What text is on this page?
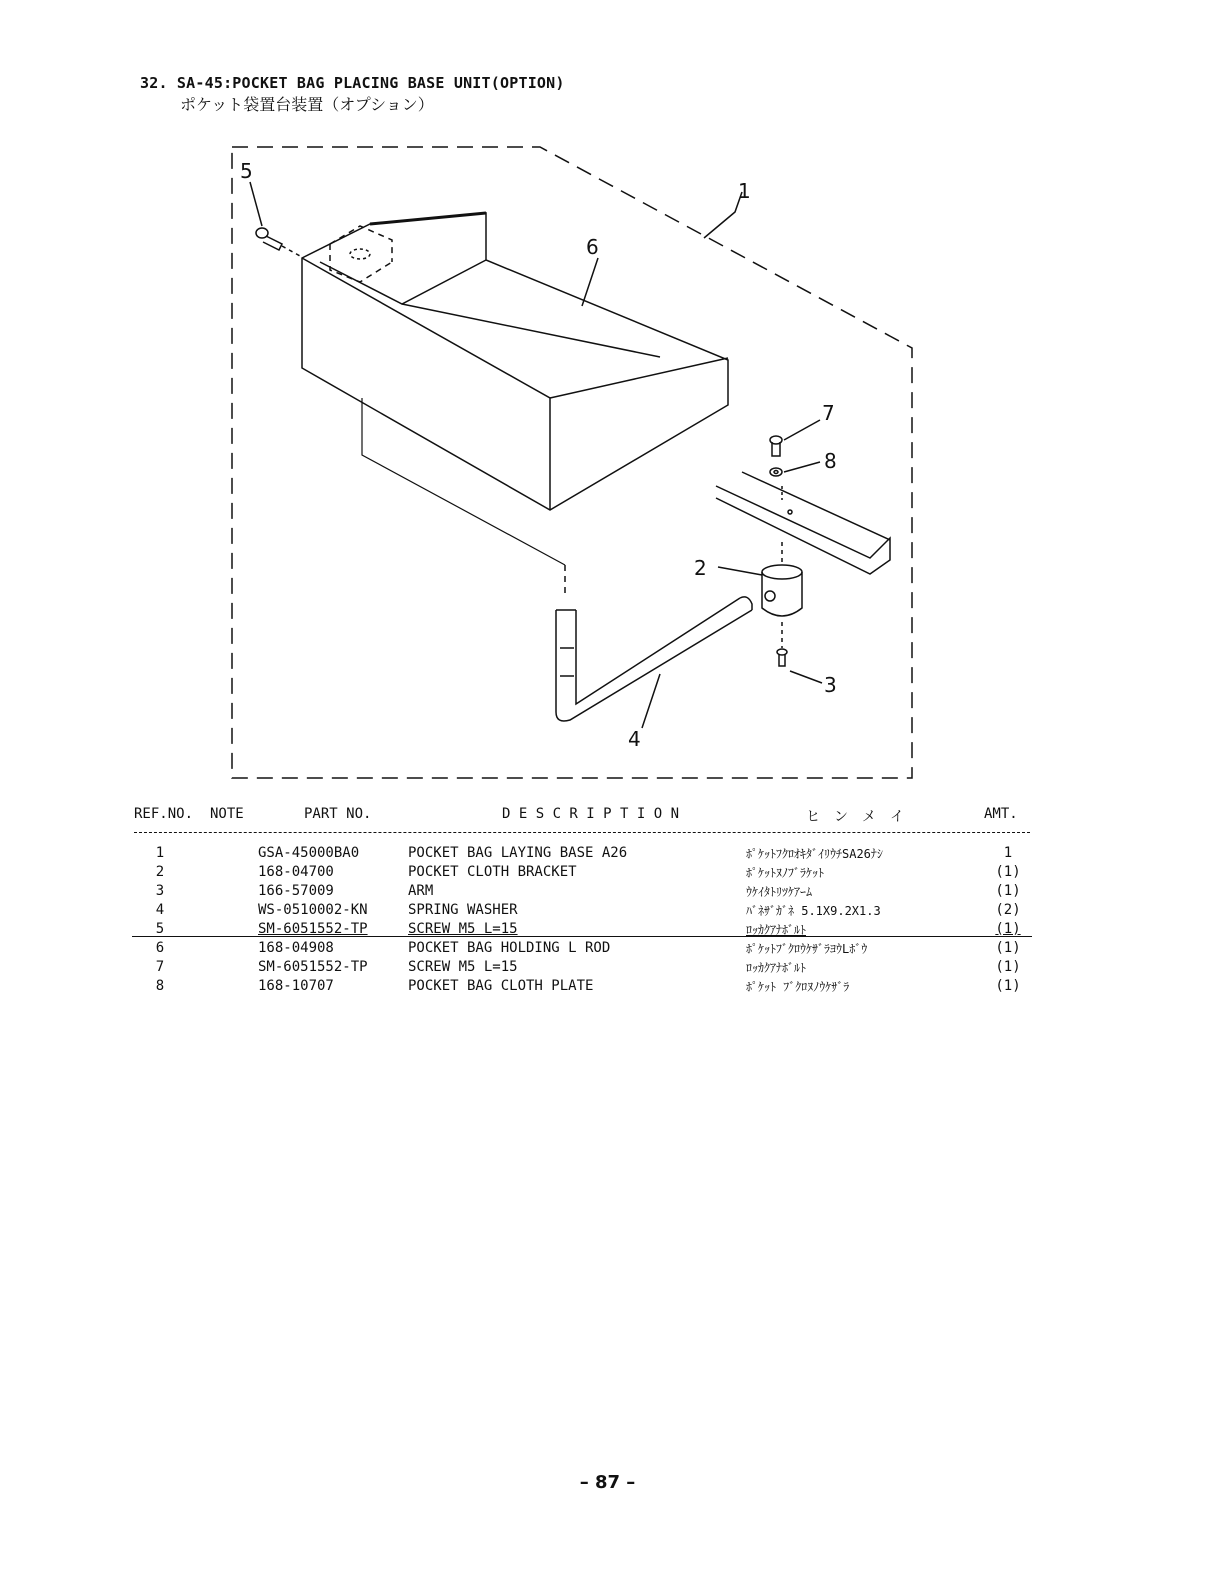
32. SA-45:POCKET BAG PLACING BASE UNIT(OPTION)
ポケット袋置台装置（オプション）
5
1
6
7
8
2
3
4
REF.NO. NOTE	PART NO.	D E S C R I P T I O N	ヒ　ン　メ　イ	AMT.
1	GSA-45000BA0	POCKET BAG LAYING BASE A26	ﾎﾟｹｯﾄﾌｸﾛｵｷﾀﾞｲﾘｳﾁSA26ﾅｼ	1
2	168-04700	POCKET CLOTH BRACKET	ﾎﾟｹｯﾄﾇﾉﾌﾞﾗｹｯﾄ	(1)
3	166-57009	ARM	ｳｹｲﾀﾄﾘﾂｹｱｰﾑ	(1)
4	WS-0510002-KN	SPRING WASHER	ﾊﾞﾈｻﾞｶﾞﾈ 5.1X9.2X1.3	(2)
5	SM-6051552-TP	SCREW M5 L=15	ﾛｯｶｸｱﾅﾎﾞﾙﾄ	(1)
6	168-04908	POCKET BAG HOLDING L ROD	ﾎﾟｹｯﾄﾌﾞｸﾛｳｹｻﾞﾗﾖｳLﾎﾞｳ	(1)
7	SM-6051552-TP	SCREW M5 L=15	ﾛｯｶｸｱﾅﾎﾞﾙﾄ	(1)
8	168-10707	POCKET BAG CLOTH PLATE	ﾎﾟｹｯﾄ ﾌﾞｸﾛﾇﾉｳｹｻﾞﾗ	(1)
– 87 –
